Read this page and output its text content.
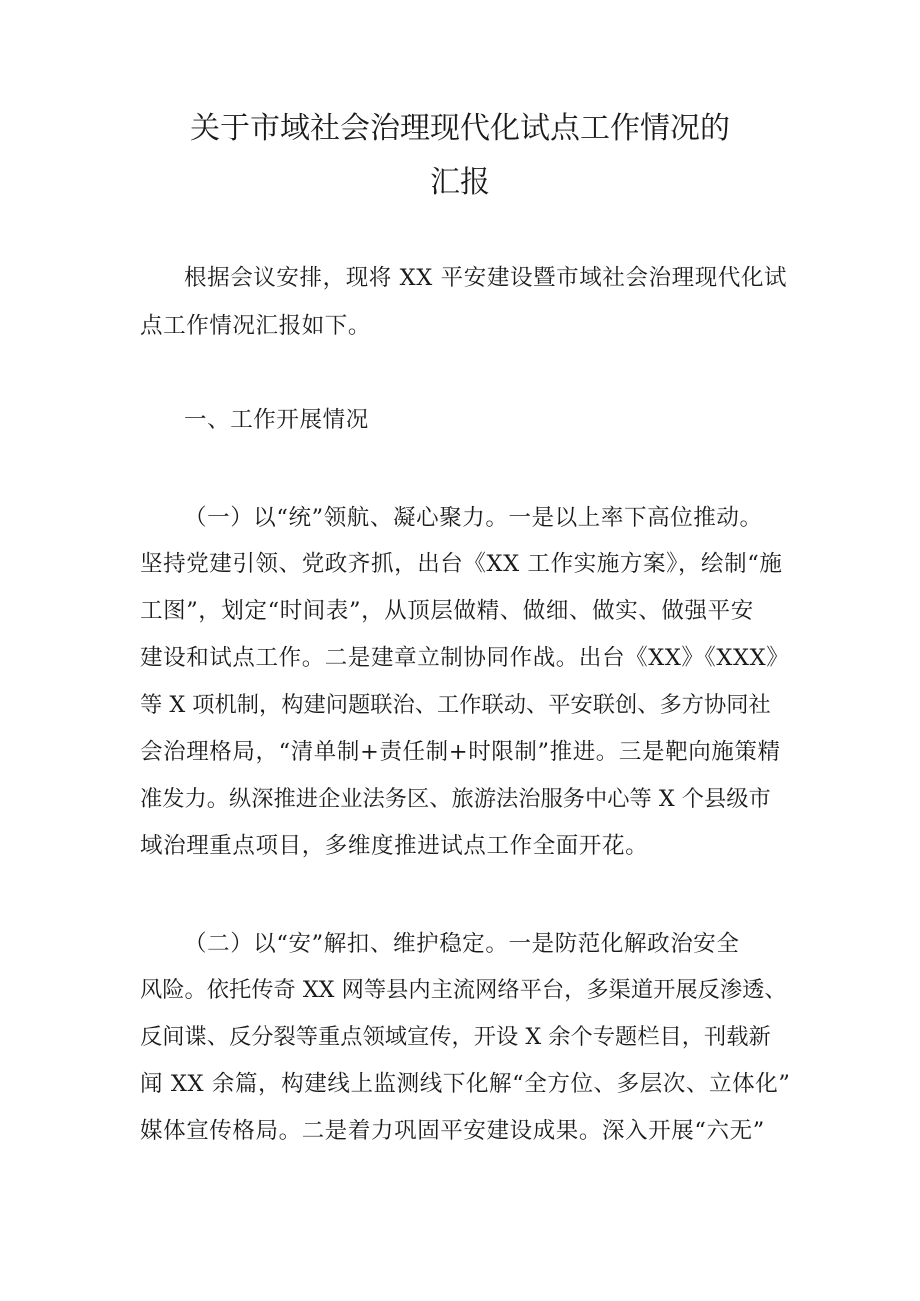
关于市域社会治理现代化试点工作情况的
汇报
根据会议安排，现将 XX 平安建设暨市域社会治理现代化试
点工作情况汇报如下。
一、工作开展情况
（一）以“统”领航、凝心聚力。一是以上率下高位推动。
坚持党建引领、党政齐抓，出台《XX 工作实施方案》，绘制“施
工图”，划定“时间表”，从顶层做精、做细、做实、做强平安
建设和试点工作。二是建章立制协同作战。出台《XX》《XXX》
等 X 项机制，构建问题联治、工作联动、平安联创、多方协同社
会治理格局，“清单制+责任制+时限制”推进。三是靶向施策精
准发力。纵深推进企业法务区、旅游法治服务中心等 X 个县级市
域治理重点项目，多维度推进试点工作全面开花。
（二）以“安”解扣、维护稳定。一是防范化解政治安全
风险。依托传奇 XX 网等县内主流网络平台，多渠道开展反渗透、
反间谍、反分裂等重点领域宣传，开设 X 余个专题栏目，刊载新
闻 XX 余篇，构建线上监测线下化解“全方位、多层次、立体化”
媒体宣传格局。二是着力巩固平安建设成果。深入开展“六无”
